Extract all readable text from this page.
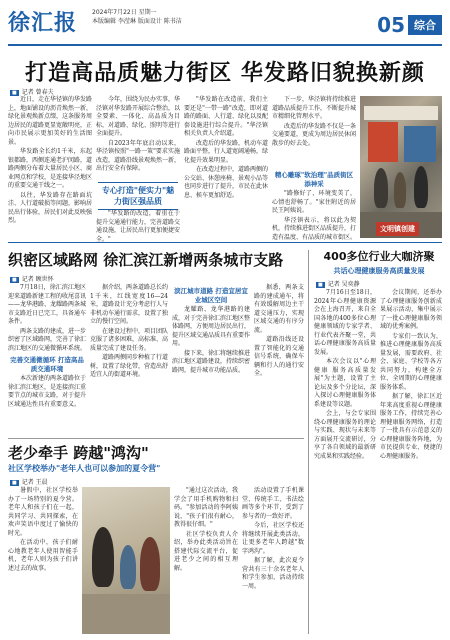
徐汇报 2024年7月22日 星期一
本版编辑 李滢琳 版面设计 陈书洁	05 综合
打造高品质魅力街区 华发路旧貌换新颜
■ 记者 曾春夫

近日，走在华径镇的华发路上，地面铺设的沥青焕然一新，绿化景观焕新点缀，这条服务周边居民的道路更显宽敞明亮，正向市民展示更加美好的生活图景。

华发路全长约1千米，东起银都路，西侧连通老沪闵路，道路两侧分布着大量居民小区、商业网点和学校，是连接华泾地区的重要交通干线之一。

以往，华发路存在路面坑洼、人行道破损等问题，影响居民出行体验，居民们对此反映强烈。

今年，围绕为民办实事，华泾镇对华发路开展综合整治，以全要素、一体化、高品质为目标，对道路、绿化、照明等进行全面提升。

自2023年年底启动以来，华泾镇按照"一路一策"要求实施改造，道路沿线景观焕然一新，出行安全有保障。

专心打造"便实力"魅力街区强品质

"华发路的改造，着重在于提升交通通行能力，完善道路交通设施，让居民出行更加便捷安全。"

"华发路在改造前，我们主要还是"一带一路"改造，即对道路的路面、人行道、绿化以及配套设施进行综合提升。"华泾镇相关负责人介绍道。

改造后的华发路，机动车道路面平整，行人道宽阔通畅，绿化提升效果明显。

在改造过程中，道路两侧的公交站、休憩座椅、景观小品等也同步进行了提升，市民在此休息、候车更加舒适。

下一步，华泾镇将持续推进道路品质提升工作，不断提升城市精细化管理水平。

改造后的华发路不仅是一条交通要道，更成为周边居民休闲散步的好去处。

精心雕琢"软治理"品质街区添神采

"路修好了，环境变美了，心情也舒畅了。"家住附近的居民王阿姨说。

华泾镇表示，将以此为契机，持续推进街区品质提升，打造有温度、有品质的城市街区。

文明镇创建
织密区域路网 徐汇滨江新增两条城市支路
■ 记者 顾世怀

7月18日，徐汇滨江地区迎来道路新建工程的收尾喜讯——龙华港路、龙耀路两条城市支路近日已完工，具备通车条件。

两条支路的建成，进一步织密了区域路网，完善了徐汇滨江地区的交通微循环系统。

完善交通微循环 打造高品质交通环境

本次新建的两条道路位于徐汇滨江地区，是连接滨江重要节点的城市支路，对于提升区域通达性具有重要意义。

据介绍，两条道路总长约1千米，红线宽度16—24米，道路设计充分考虑行人与非机动车通行需求，设置了独立的慢行空间。

在建设过程中，项目团队克服了诸多困难，高标准、高质量完成了建设任务。

道路两侧同步种植了行道树，设置了绿化带，营造出舒适宜人的街道环境。

滨江城市道路 打造宜居宜业城区空间

龙耀路、龙华港路的建成，对于完善徐汇滨江地区整体路网，方便周边居民出行，提升区域交通品质具有重要作用。

接下来，徐汇将继续推进滨江地区道路建设，持续织密路网，提升城市功能品质。

据悉，两条支路的建成通车，将有效缓解周边主干道交通压力，实现区域交通的有序分流。

道路沿线还设置了智能化的交通信号系统，确保车辆和行人的通行安全。

老少牵手 跨越"鸿沟"
社区学校举办"老年人也可以参加的夏令营"
■ 记者 王晨

暑假中，社区学校举办了一场特别的夏令营。老年人和孩子们在一起，共同学习、共同探索，在欢声笑语中度过了愉快的时光。

在活动中，孩子们耐心地教老年人使用智能手机，老年人则为孩子们讲述过去的故事。

"通过这次活动，我学会了用手机购物和扫码。"参加活动的李阿姨说，"孩子们很有耐心，教得很仔细。"

社区学校负责人介绍，举办此类活动旨在搭建代际交流平台，促进老少之间的相互理解。

活动设置了手机课堂、传统手工、书法绘画等多个环节，受到了参与者的一致好评。

今后，社区学校还将继续开展此类活动，让更多老年人跨越"数字鸿沟"。

据了解，此次夏令营共有三十余名老年人和学生参加，活动持续一周。

400多位行业大咖济聚
共话心理健康服务高质量发展
■ 记者 吴奕静

7月16日至18日，2024年心理健康资源会在上海召开，来自全国各地的400多位心理健康领域的专家学者、行业代表齐聚一堂，共话心理健康服务高质量发展。

本次会议以"心理健康 服务高质量发展"为主题，设置了主论坛及多个分论坛，深入探讨心理健康服务体系建设等议题。

会上，与会专家围绕心理健康服务的理论与实践、现状与未来等方面展开交流研讨，分享了各自领域的最新研究成果和实践经验。

会议期间，还举办了心理健康服务创新成果展示活动，集中展示了一批心理健康服务领域的优秀案例。

专家们一致认为，推进心理健康服务高质量发展，需要政府、社会、家庭、学校等各方共同努力，构建全方位、全周期的心理健康服务体系。

据了解，徐汇区近年来高度重视心理健康服务工作，持续完善心理健康服务网络，打造了一批具有示范意义的心理健康服务阵地，为市民提供专业、便捷的心理健康服务。
